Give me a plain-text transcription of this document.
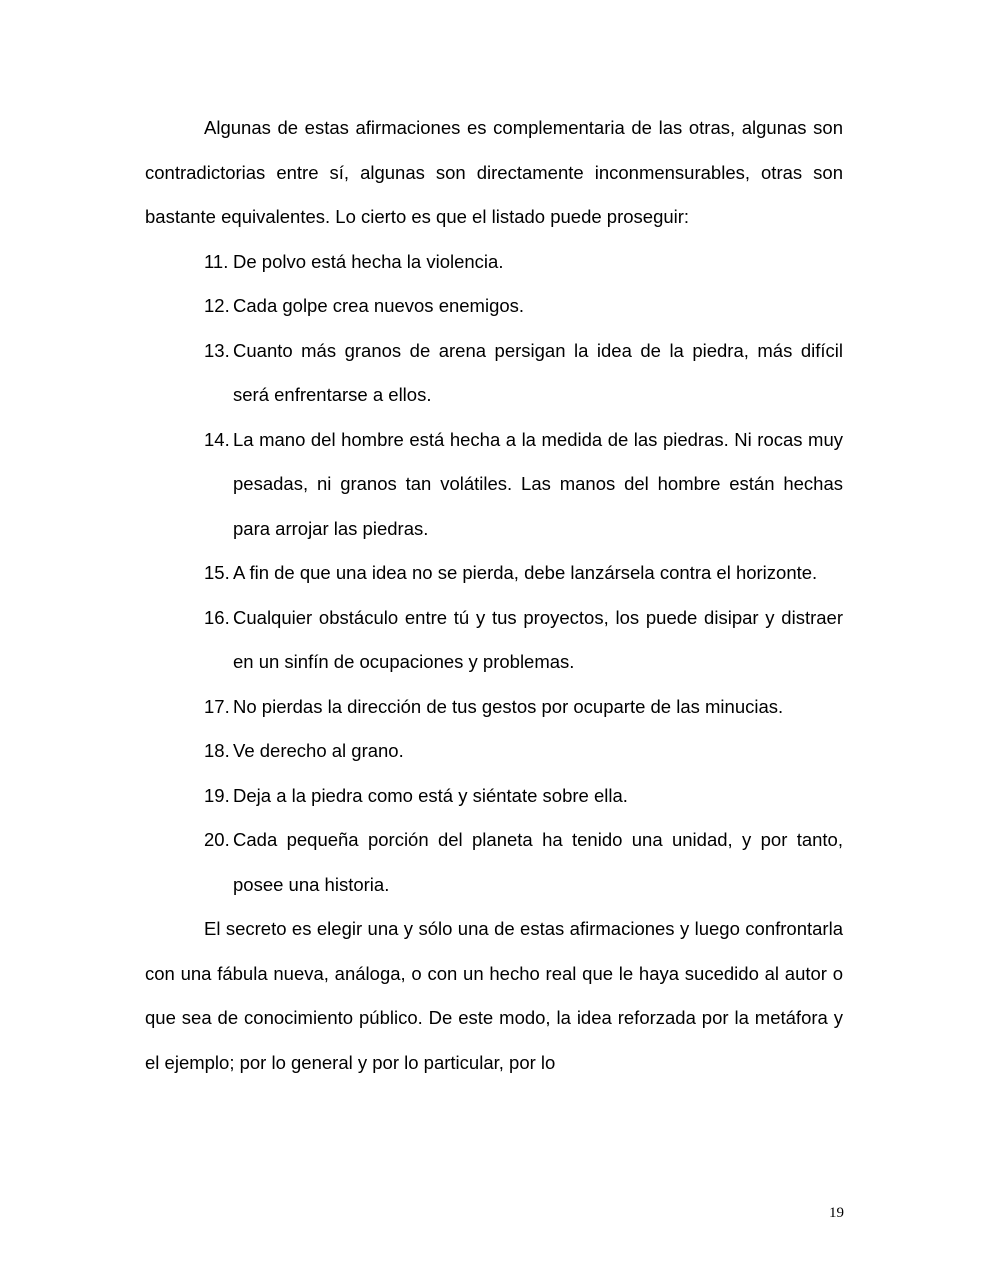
Algunas de estas afirmaciones es complementaria de las otras, algunas son contradictorias entre sí, algunas son directamente inconmensurables, otras son bastante equivalentes. Lo cierto es que el listado puede proseguir:

11. De polvo está hecha la violencia.
12. Cada golpe crea nuevos enemigos.
13. Cuanto más granos de arena persigan la idea de la piedra, más difícil será enfrentarse a ellos.
14. La mano del hombre está hecha a la medida de las piedras. Ni rocas muy pesadas, ni granos tan volátiles. Las manos del hombre están hechas para arrojar las piedras.
15. A fin de que una idea no se pierda, debe lanzársela contra el horizonte.
16. Cualquier obstáculo entre tú y tus proyectos, los puede disipar y distraer en un sinfín de ocupaciones y problemas.
17. No pierdas la dirección de tus gestos por ocuparte de las minucias.
18. Ve derecho al grano.
19. Deja a la piedra como está y siéntate sobre ella.
20. Cada pequeña porción del planeta ha tenido una unidad, y por tanto, posee una historia.

El secreto es elegir una y sólo una de estas afirmaciones y luego confrontarla con una fábula nueva, análoga, o con un hecho real que le haya sucedido al autor o que sea de conocimiento público. De este modo, la idea reforzada por la metáfora y el ejemplo; por lo general y por lo particular, por lo

19
